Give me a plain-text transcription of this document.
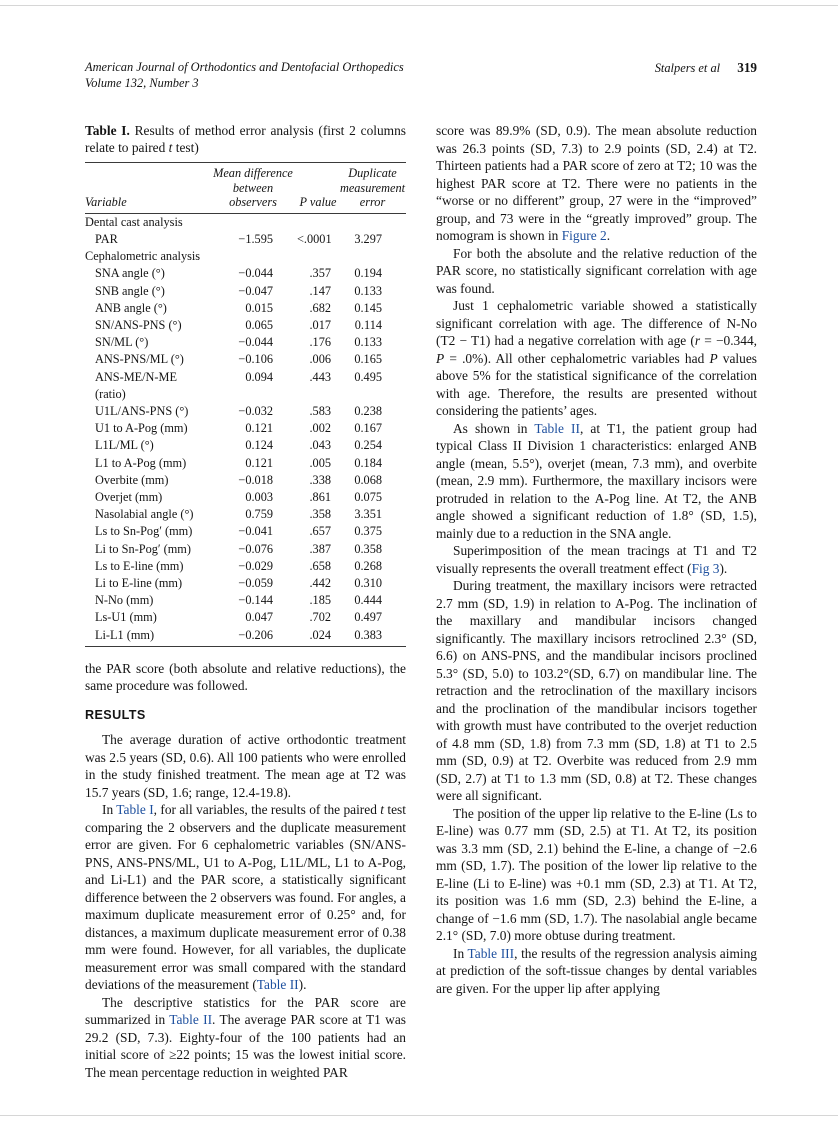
American Journal of Orthodontics and Dentofacial Orthopedics
Volume 132, Number 3
Stalpers et al 319

Table I. Results of method error analysis (first 2 columns relate to paired t test)

Variable	
Mean difference
between
observers	P value	
Duplicate
measurement
error

Dental cast analysis			
PAR	−1.595	<.0001	3.297
Cephalometric analysis			
SNA angle (°)	−0.044	.357	0.194
SNB angle (°)	−0.047	.147	0.133
ANB angle (°)	0.015	.682	0.145
SN/ANS-PNS (°)	0.065	.017	0.114
SN/ML (°)	−0.044	.176	0.133
ANS-PNS/ML (°)	−0.106	.006	0.165
ANS-ME/N-ME (ratio)	0.094	.443	0.495
U1L/ANS-PNS (°)	−0.032	.583	0.238
U1 to A-Pog (mm)	0.121	.002	0.167
L1L/ML (°)	0.124	.043	0.254
L1 to A-Pog (mm)	0.121	.005	0.184
Overbite (mm)	−0.018	.338	0.068
Overjet (mm)	0.003	.861	0.075
Nasolabial angle (°)	0.759	.358	3.351
Ls to Sn-Pog′ (mm)	−0.041	.657	0.375
Li to Sn-Pog′ (mm)	−0.076	.387	0.358
Ls to E-line (mm)	−0.029	.658	0.268
Li to E-line (mm)	−0.059	.442	0.310
N-No (mm)	−0.144	.185	0.444
Ls-U1 (mm)	0.047	.702	0.497
Li-L1 (mm)	−0.206	.024	0.383

the PAR score (both absolute and relative reductions), the same procedure was followed.

RESULTS

The average duration of active orthodontic treatment was 2.5 years (SD, 0.6). All 100 patients who were enrolled in the study finished treatment. The mean age at T2 was 15.7 years (SD, 1.6; range, 12.4-19.8).

In Table I, for all variables, the results of the paired t test comparing the 2 observers and the duplicate measurement error are given. For 6 cephalometric variables (SN/ANS-PNS, ANS-PNS/ML, U1 to A-Pog, L1L/ML, L1 to A-Pog, and Li-L1) and the PAR score, a statistically significant difference between the 2 observers was found. For angles, a maximum duplicate measurement error of 0.25° and, for distances, a maximum duplicate measurement error of 0.38 mm were found. However, for all variables, the duplicate measurement error was small compared with the standard deviations of the measurement (Table II).

The descriptive statistics for the PAR score are summarized in Table II. The average PAR score at T1 was 29.2 (SD, 7.3). Eighty-four of the 100 patients had an initial score of ≥22 points; 15 was the lowest initial score. The mean percentage reduction in weighted PAR

score was 89.9% (SD, 0.9). The mean absolute reduction was 26.3 points (SD, 7.3) to 2.9 points (SD, 2.4) at T2. Thirteen patients had a PAR score of zero at T2; 10 was the highest PAR score at T2. There were no patients in the “worse or no different” group, 27 were in the “improved” group, and 73 were in the “greatly improved” group. The nomogram is shown in Figure 2.

For both the absolute and the relative reduction of the PAR score, no statistically significant correlation with age was found.

Just 1 cephalometric variable showed a statistically significant correlation with age. The difference of N-No (T2 − T1) had a negative correlation with age (r = −0.344, P = .0%). All other cephalometric variables had P values above 5% for the statistical significance of the correlation with age. Therefore, the results are presented without considering the patients’ ages.

As shown in Table II, at T1, the patient group had typical Class II Division 1 characteristics: enlarged ANB angle (mean, 5.5°), overjet (mean, 7.3 mm), and overbite (mean, 2.9 mm). Furthermore, the maxillary incisors were protruded in relation to the A-Pog line. At T2, the ANB angle showed a significant reduction of 1.8° (SD, 1.5), mainly due to a reduction in the SNA angle.

Superimposition of the mean tracings at T1 and T2 visually represents the overall treatment effect (Fig 3).

During treatment, the maxillary incisors were retracted 2.7 mm (SD, 1.9) in relation to A-Pog. The inclination of the maxillary and mandibular incisors changed significantly. The maxillary incisors retroclined 2.3° (SD, 6.6) on ANS-PNS, and the mandibular incisors proclined 5.3° (SD, 5.0) to 103.2°(SD, 6.7) on mandibular line. The retraction and the retroclination of the maxillary incisors and the proclination of the mandibular incisors together with growth must have contributed to the overjet reduction of 4.8 mm (SD, 1.8) from 7.3 mm (SD, 1.8) at T1 to 2.5 mm (SD, 0.9) at T2. Overbite was reduced from 2.9 mm (SD, 2.7) at T1 to 1.3 mm (SD, 0.8) at T2. These changes were all significant.

The position of the upper lip relative to the E-line (Ls to E-line) was 0.77 mm (SD, 2.5) at T1. At T2, its position was 3.3 mm (SD, 2.1) behind the E-line, a change of −2.6 mm (SD, 1.7). The position of the lower lip relative to the E-line (Li to E-line) was +0.1 mm (SD, 2.3) at T1. At T2, its position was 1.6 mm (SD, 2.3) behind the E-line, a change of −1.6 mm (SD, 1.7). The nasolabial angle became 2.1° (SD, 7.0) more obtuse during treatment.

In Table III, the results of the regression analysis aiming at prediction of the soft-tissue changes by dental variables are given. For the upper lip after applying
